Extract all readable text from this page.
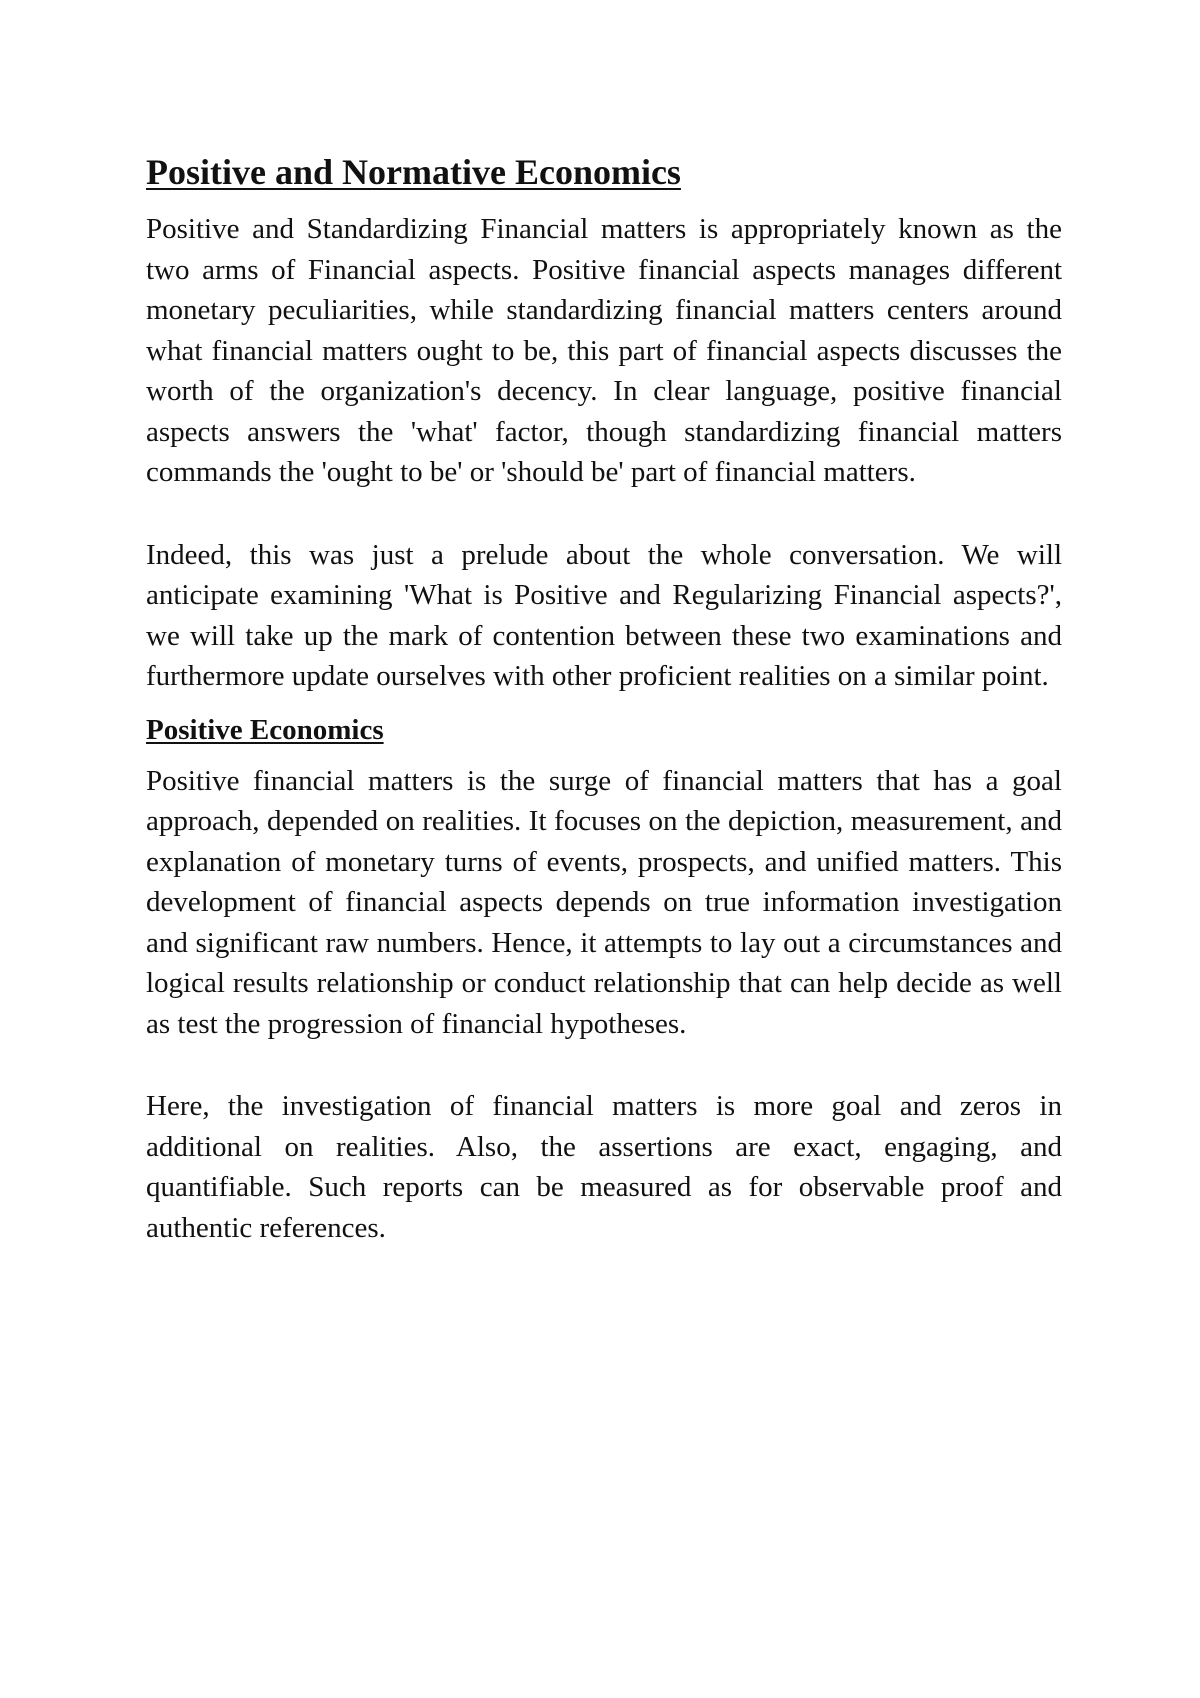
Positive and Normative Economics

Positive and Standardizing Financial matters is appropriately known as the two arms of Financial aspects. Positive financial aspects manages different monetary peculiarities, while standardizing financial matters centers around what financial matters ought to be, this part of financial aspects discusses the worth of the organization's decency. In clear language, positive financial aspects answers the 'what' factor, though standardizing financial matters commands the 'ought to be' or 'should be' part of financial matters.

Indeed, this was just a prelude about the whole conversation. We will anticipate examining 'What is Positive and Regularizing Financial aspects?', we will take up the mark of contention between these two examinations and furthermore update ourselves with other proficient realities on a similar point.

Positive Economics

Positive financial matters is the surge of financial matters that has a goal approach, depended on realities. It focuses on the depiction, measurement, and explanation of monetary turns of events, prospects, and unified matters. This development of financial aspects depends on true information investigation and significant raw numbers. Hence, it attempts to lay out a circumstances and logical results relationship or conduct relationship that can help decide as well as test the progression of financial hypotheses.

Here, the investigation of financial matters is more goal and zeros in additional on realities. Also, the assertions are exact, engaging, and quantifiable. Such reports can be measured as for observable proof and authentic references.
